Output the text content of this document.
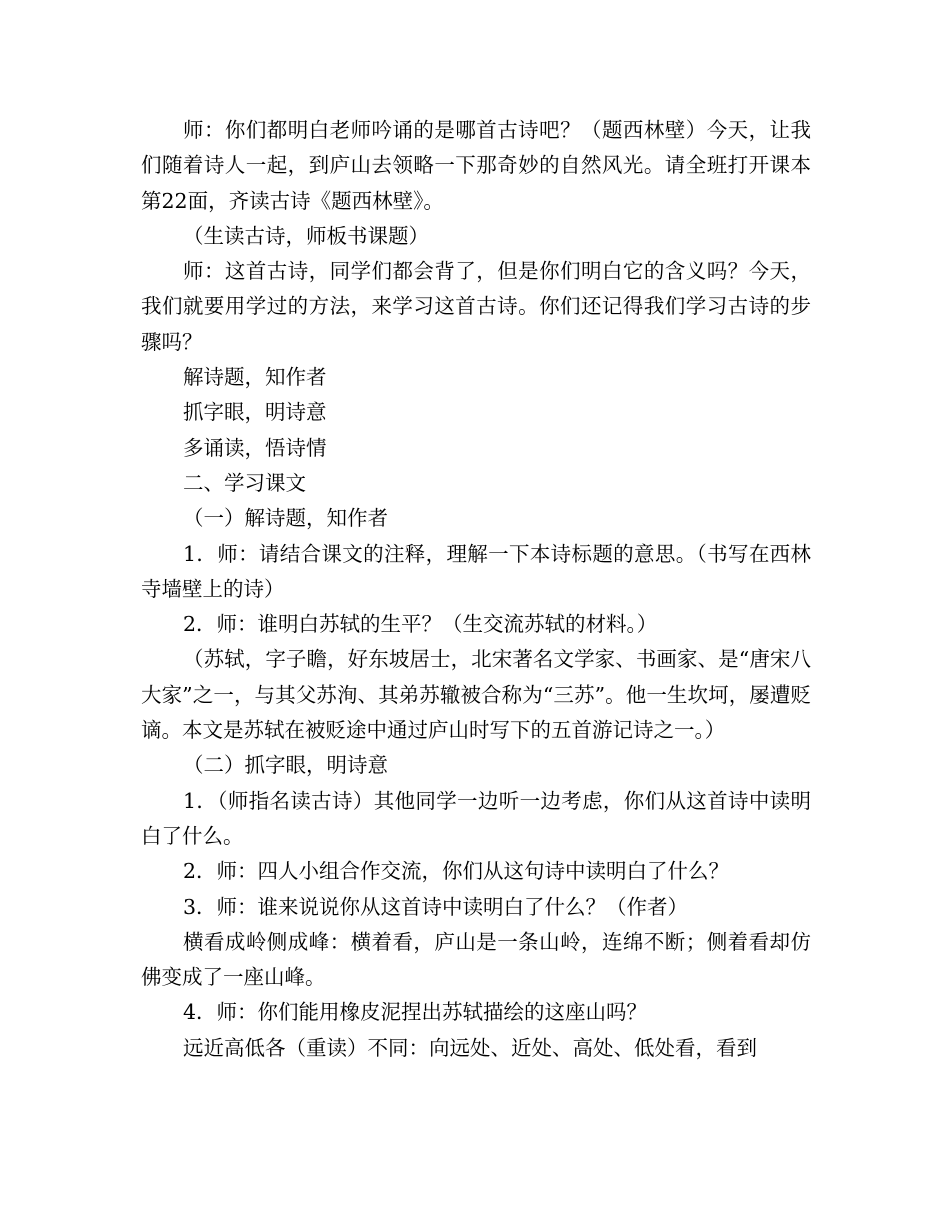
师：你们都明白老师吟诵的是哪首古诗吧？（题西林壁）今天，让我们随着诗人一起，到庐山去领略一下那奇妙的自然风光。请全班打开课本第22面，齐读古诗《题西林壁》。

（生读古诗，师板书课题）

师：这首古诗，同学们都会背了，但是你们明白它的含义吗？今天，我们就要用学过的方法，来学习这首古诗。你们还记得我们学习古诗的步骤吗？

解诗题，知作者

抓字眼，明诗意

多诵读，悟诗情

二、学习课文

（一）解诗题，知作者

1．师：请结合课文的注释，理解一下本诗标题的意思。（书写在西林寺墙壁上的诗）

2．师：谁明白苏轼的生平？（生交流苏轼的材料。）

（苏轼，字子瞻，好东坡居士，北宋著名文学家、书画家、是“唐宋八大家”之一，与其父苏洵、其弟苏辙被合称为“三苏”。他一生坎坷，屡遭贬谪。本文是苏轼在被贬途中通过庐山时写下的五首游记诗之一。）

（二）抓字眼，明诗意

1．（师指名读古诗）其他同学一边听一边考虑，你们从这首诗中读明白了什么。

2．师：四人小组合作交流，你们从这句诗中读明白了什么？

3．师：谁来说说你从这首诗中读明白了什么？（作者）

横看成岭侧成峰：横着看，庐山是一条山岭，连绵不断；侧着看却仿佛变成了一座山峰。

4．师：你们能用橡皮泥捏出苏轼描绘的这座山吗？

远近高低各（重读）不同：向远处、近处、高处、低处看，看到
